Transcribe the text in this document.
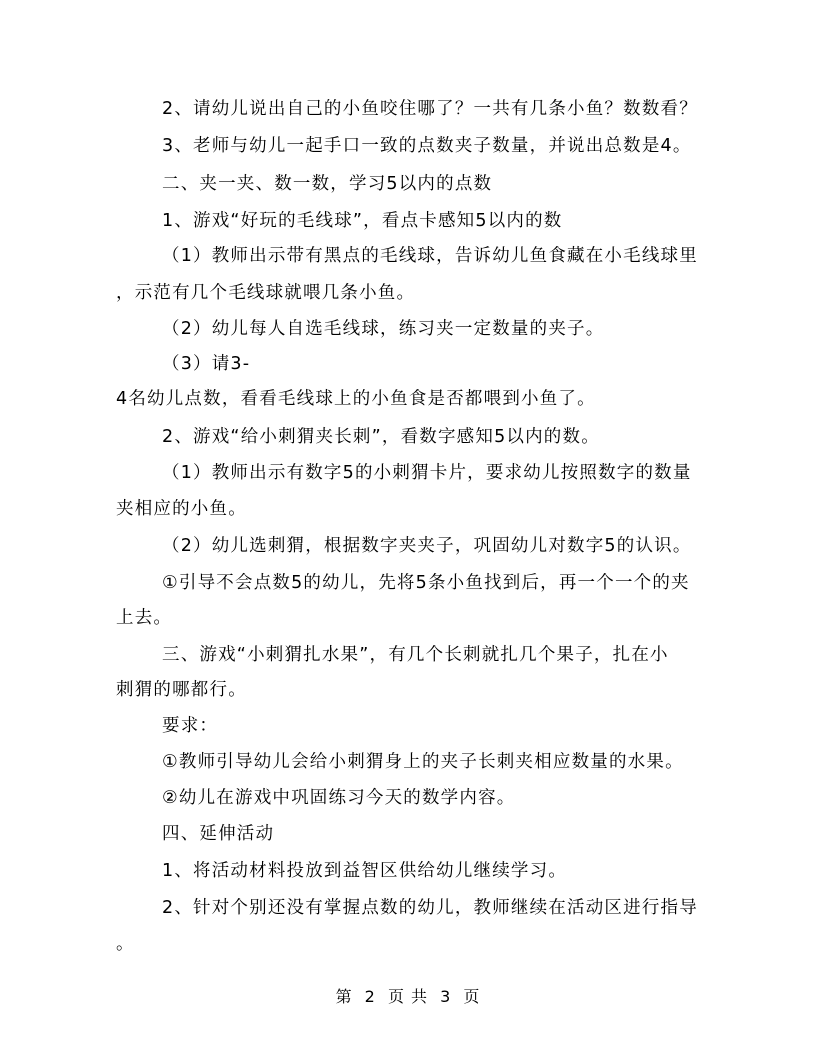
2、请幼儿说出自己的小鱼咬住哪了？一共有几条小鱼？数数看？
3、老师与幼儿一起手口一致的点数夹子数量，并说出总数是4。
二、夹一夹、数一数，学习5以内的点数
1、游戏“好玩的毛线球”，看点卡感知5以内的数
（1）教师出示带有黑点的毛线球，告诉幼儿鱼食藏在小毛线球里
，示范有几个毛线球就喂几条小鱼。
（2）幼儿每人自选毛线球，练习夹一定数量的夹子。
（3）请3-
4名幼儿点数，看看毛线球上的小鱼食是否都喂到小鱼了。
2、游戏“给小刺猬夹长刺”，看数字感知5以内的数。
（1）教师出示有数字5的小刺猬卡片，要求幼儿按照数字的数量
夹相应的小鱼。
（2）幼儿选刺猬，根据数字夹夹子，巩固幼儿对数字5的认识。
①引导不会点数5的幼儿，先将5条小鱼找到后，再一个一个的夹
上去。
三、游戏“小刺猬扎水果”，有几个长刺就扎几个果子，扎在小
刺猬的哪都行。
要求：
①教师引导幼儿会给小刺猬身上的夹子长刺夹相应数量的水果。
②幼儿在游戏中巩固练习今天的数学内容。
四、延伸活动
1、将活动材料投放到益智区供给幼儿继续学习。
2、针对个别还没有掌握点数的幼儿，教师继续在活动区进行指导
。
第 2 页 共 3 页
